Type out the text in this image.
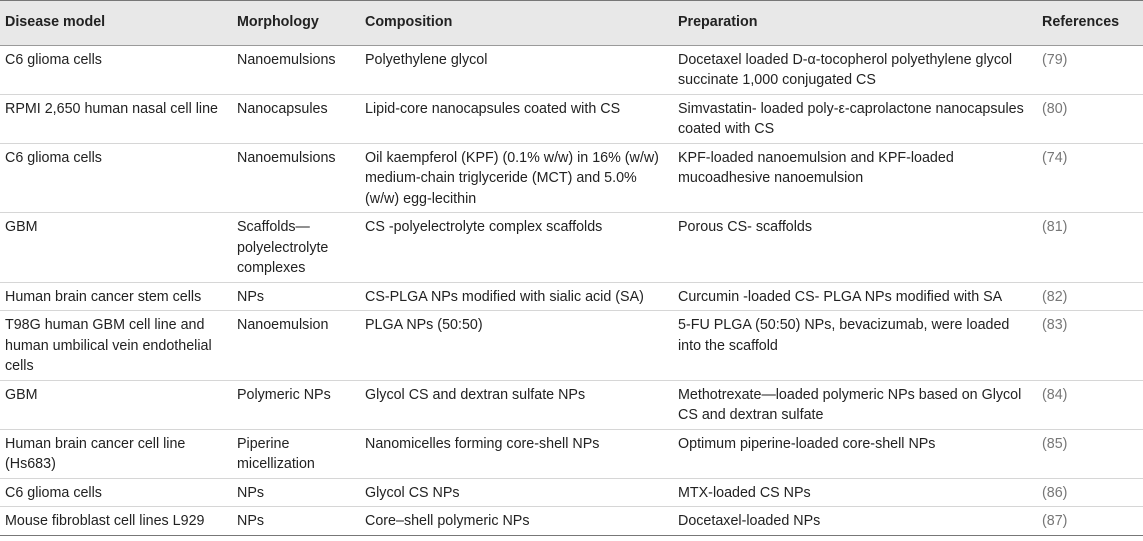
Disease model	Morphology	Composition	Preparation	References
C6 glioma cells	Nanoemulsions	Polyethylene glycol	Docetaxel loaded D-α-tocopherol polyethylene glycol succinate 1,000 conjugated CS	(79)
RPMI 2,650 human nasal cell line	Nanocapsules	Lipid-core nanocapsules coated with CS	Simvastatin- loaded poly-ε-caprolactone nanocapsules coated with CS	(80)
C6 glioma cells	Nanoemulsions	Oil kaempferol (KPF) (0.1% w/w) in 16% (w/w) medium-chain triglyceride (MCT) and 5.0% (w/w) egg-lecithin	KPF-loaded nanoemulsion and KPF-loaded mucoadhesive nanoemulsion	(74)
GBM	Scaffolds—polyelectrolyte complexes	CS -polyelectrolyte complex scaffolds	Porous CS- scaffolds	(81)
Human brain cancer stem cells	NPs	CS-PLGA NPs modified with sialic acid (SA)	Curcumin -loaded CS- PLGA NPs modified with SA	(82)
T98G human GBM cell line and human umbilical vein endothelial cells	Nanoemulsion	PLGA NPs (50:50)	5-FU PLGA (50:50) NPs, bevacizumab, were loaded into the scaffold	(83)
GBM	Polymeric NPs	Glycol CS and dextran sulfate NPs	Methotrexate—loaded polymeric NPs based on Glycol CS and dextran sulfate	(84)
Human brain cancer cell line (Hs683)	Piperine micellization	Nanomicelles forming core-shell NPs	Optimum piperine-loaded core-shell NPs	(85)
C6 glioma cells	NPs	Glycol CS NPs	MTX-loaded CS NPs	(86)
Mouse fibroblast cell lines L929	NPs	Core–shell polymeric NPs	Docetaxel-loaded NPs	(87)
